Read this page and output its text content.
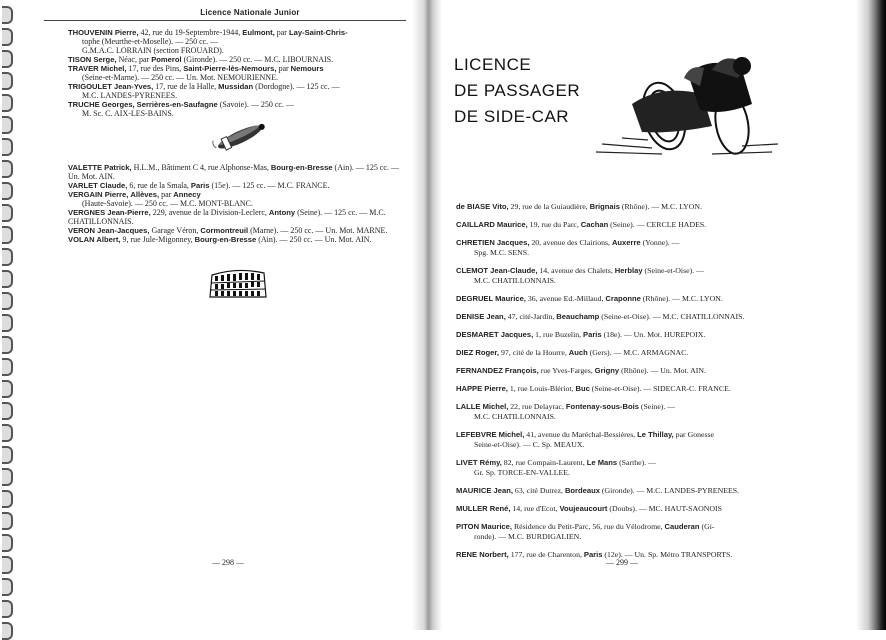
Licence Nationale Junior
THOUVENIN Pierre, 42, rue du 19-Septembre-1944, Eulmont, par Lay-Saint-Chris-
tophe (Meurthe-et-Moselle). — 250 cc. —
G.M.A.C. LORRAIN (section FROUARD).
TISON Serge, Néac, par Pomerol (Gironde). — 250 cc. — M.C. LIBOURNAIS.
TRAVER Michel, 17, rue des Pins, Saint-Pierre-lès-Nemours, par Nemours
(Seine-et-Marne). — 250 cc. — Un. Mot. NEMOURIENNE.
TRIGOULET Jean-Yves, 17, rue de la Halle, Mussidan (Dordogne). — 125 cc. —
M.C. LANDES-PYRENEES.
TRUCHE Georges, Serrières-en-Saufagne (Savoie). — 250 cc. —
M. Sc. C. AIX-LES-BAINS.
VALETTE Patrick, H.L.M., Bâtiment C 4, rue Alphonse-Mas, Bourg-en-Bresse (Ain). — 125 cc. — Un. Mot. AIN.
VARLET Claude, 6, rue de la Smala, Paris (15e). — 125 cc. — M.C. FRANCE.
VERGAIN Pierre, Allèves, par Annecy
(Haute-Savoie). — 250 cc. — M.C. MONT-BLANC.
VERGNES Jean-Pierre, 229, avenue de la Division-Leclerc, Antony (Seine). — 125 cc. — M.C. CHATILLONNAIS.
VERON Jean-Jacques, Garage Véron, Cormontreuil (Marne). — 250 cc. — Un. Mot. MARNE.
VOLAN Albert, 9, rue Jule-Migonney, Bourg-en-Bresse (Ain). — 250 cc. — Un. Mot. AIN.
— 298 —
LICENCE
DE PASSAGER
DE SIDE-CAR
de BIASE Vito, 29, rue de la Guiaudière, Brignais (Rhône). — M.C. LYON.
CAILLARD Maurice, 19, rue du Parc, Cachan (Seine). — CERCLE HADES.
CHRETIEN Jacques, 20, avenue des Clairions, Auxerre (Yonne). —
Spg. M.C. SENS.
CLEMOT Jean-Claude, 14, avenue des Chalets, Herblay (Seine-et-Oise). —
M.C. CHATILLONNAIS.
DEGRUEL Maurice, 36, avenue Ed.-Millaud, Craponne (Rhône). — M.C. LYON.
DENISE Jean, 47, cité-Jardin, Beauchamp (Seine-et-Oise). — M.C. CHATILLONNAIS.
DESMARET Jacques, 1, rue Buzelin, Paris (18e). — Un. Mot. HUREPOIX.
DIEZ Roger, 97, cité de la Hourre, Auch (Gers). — M.C. ARMAGNAC.
FERNANDEZ François, rue Yves-Farges, Grigny (Rhône). — Un. Mot. AIN.
HAPPE Pierre, 1, rue Louis-Blériot, Buc (Seine-et-Oise). — SIDECAR-C. FRANCE.
LALLE Michel, 22, rue Delayrac, Fontenay-sous-Bois (Seine). —
M.C. CHATILLONNAIS.
LEFEBVRE Michel, 41, avenue du Maréchal-Bessières, Le Thillay, par Gonesse
Seine-et-Oise). — C. Sp. MEAUX.
LIVET Rémy, 82, rue Compain-Laurent, Le Mans (Sarthe). —
Gr. Sp. TORCE-EN-VALLEE.
MAURICE Jean, 63, cité Dutrez, Bordeaux (Gironde). — M.C. LANDES-PYRENEES.
MULLER René, 14, rue d'Ecot, Voujeaucourt (Doubs). — MC. HAUT-SAONOIS
PITON Maurice, Résidence du Petit-Parc, 56, rue du Vélodrome, Cauderan (Gi-
ronde). — M.C. BURDIGALIEN.
RENE Norbert, 177, rue de Charenton, Paris (12e). — Un. Sp. Métro TRANSPORTS.
— 299 —
